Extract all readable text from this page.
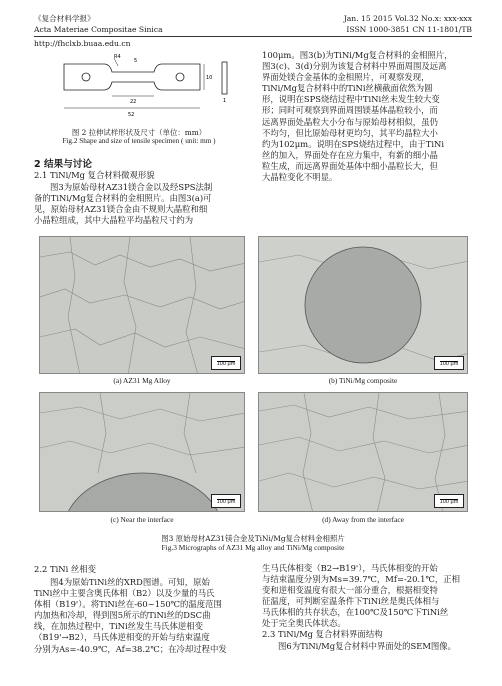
《复合材料学报》	Jan. 15 2015 Vol.32 No.x: xxx-xxx
Acta Materiae Compositae Sinica	ISSN 1000-3851 CN 11-1801/TB
http://fhclxb.buaa.edu.cn
R4
5
22
10
1
52
图 2 拉伸试样形状及尺寸（单位：mm）
Fig.2 Shape and size of tensile specimen ( unit: mm )
2 结果与讨论
2.1 TiNi/Mg 复合材料微观形貌
图3为原始母材AZ31镁合金以及经SPS法制
备的TiNi/Mg复合材料的金相照片。由图3(a)可
见，原始母材AZ31镁合金由不规则大晶粒和细
小晶粒组成，其中大晶粒平均晶粒尺寸约为
100μm。图3(b)为TiNi/Mg复合材料的金相照片，
图3(c)、3(d)分别为该复合材料中界面周围及远离
界面处镁合金基体的金相照片，可观察发现，
TiNi/Mg复合材料中的TiNi丝横截面依然为圆
形，说明在SPS烧结过程中TiNi丝未发生较大变
形；同时可观察到界面周围镁基体晶粒较小，而
远离界面处晶粒大小分布与原始母材相似，虽仍
不均匀，但比原始母材更均匀，其平均晶粒大小
约为102μm。说明在SPS烧结过程中，由于TiNi
丝的加入，界面处存在应力集中，有新的细小晶
粒生成，而远离界面处基体中细小晶粒长大，但
大晶粒变化不明显。
100 μm
(a) AZ31 Mg Alloy
100 μm
(b) TiNi/Mg composite
100 μm
(c) Near the interface
100 μm
(d) Away from the interface
图3 原始母材AZ31镁合金及TiNi/Mg复合材料金相照片
Fig.3 Micrographs of AZ31 Mg alloy and TiNi/Mg composite
2.2 TiNi 丝相变
图4为原始TiNi丝的XRD图谱。可知，原始
TiNi丝中主要含奥氏体相（B2）以及少量的马氏
体相（B19'）。将TiNi丝在-60~150℃的温度范围
内加热和冷却，得到图5所示的TiNi丝的DSC曲
线，在加热过程中，TiNi丝发生马氏体逆相变
（B19'→B2），马氏体逆相变的开始与结束温度
分别为As=-40.9℃，Af=38.2℃；在冷却过程中发
生马氏体相变（B2→B19'），马氏体相变的开始
与结束温度分别为Ms=39.7℃，Mf=-20.1℃，正相
变和逆相变温度有很大一部分重合，根据相变特
征温度，可判断室温条件下TiNi丝是奥氏体相与
马氏体相的共存状态，在100℃及150℃下TiNi丝
处于完全奥氏体状态。
2.3 TiNi/Mg 复合材料界面结构
图6为TiNi/Mg复合材料中界面处的SEM图像。
